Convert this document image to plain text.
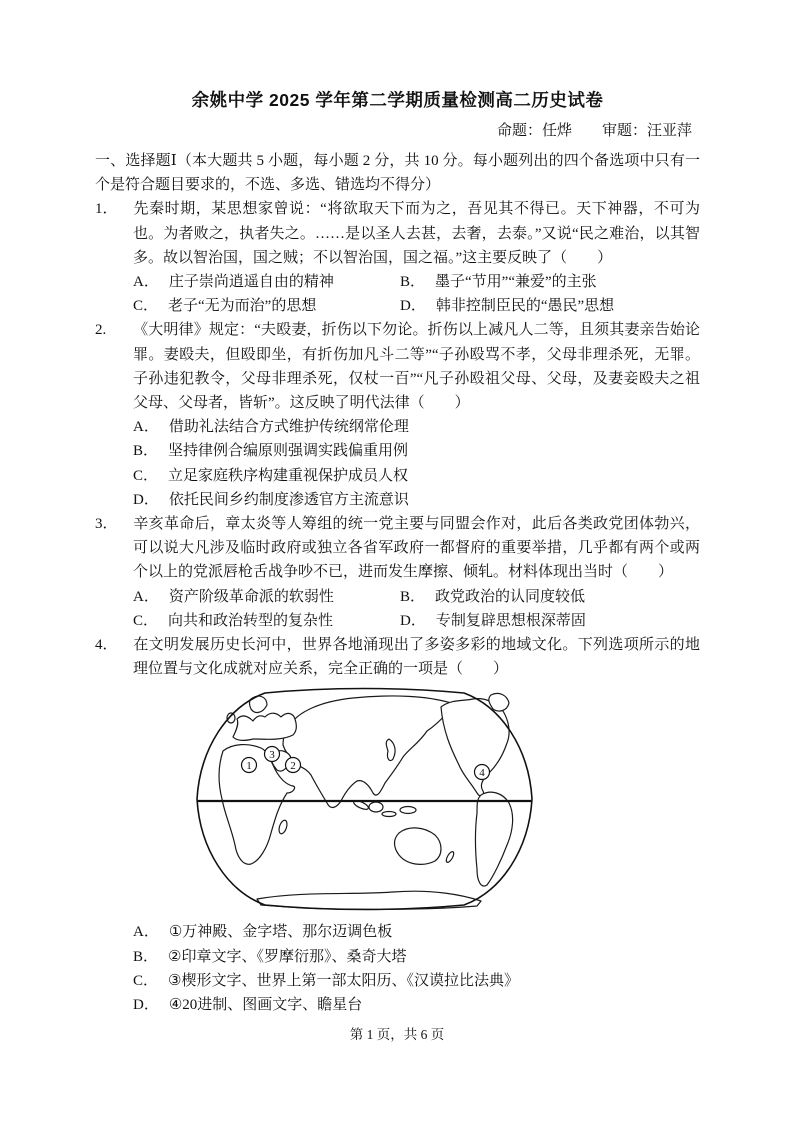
余姚中学 2025 学年第二学期质量检测高二历史试卷
命题：任烨 审题：汪亚萍

一、选择题Ⅰ（本大题共 5 小题，每小题 2 分，共 10 分。每小题列出的四个备选项中只有一个是符合题目要求的，不选、多选、错选均不得分）

1． 先秦时期，某思想家曾说：“将欲取天下而为之，吾见其不得已。天下神器，不可为也。为者败之，执者失之。……是以圣人去甚，去奢，去泰。”又说“民之难治，以其智多。故以智治国，国之贼；不以智治国，国之福。”这主要反映了（　　）

A． 庄子崇尚逍遥自由的精神	B． 墨子“节用”“兼爱”的主张
C． 老子“无为而治”的思想	D． 韩非控制臣民的“愚民”思想

2. 《大明律》规定：“夫殴妻，折伤以下勿论。折伤以上减凡人二等，且须其妻亲告始论罪。妻殴夫，但殴即坐，有折伤加凡斗二等”“子孙殴骂不孝，父母非理杀死，无罪。子孙违犯教令，父母非理杀死，仅杖一百”“凡子孙殴祖父母、父母，及妻妾殴夫之祖父母、父母者，皆斩”。这反映了明代法律（　　）

A． 借助礼法结合方式维护传统纲常伦理
B． 坚持律例合编原则强调实践偏重用例
C． 立足家庭秩序构建重视保护成员人权
D． 依托民间乡约制度渗透官方主流意识

3． 辛亥革命后，章太炎等人筹组的统一党主要与同盟会作对，此后各类政党团体勃兴，可以说大凡涉及临时政府或独立各省军政府一都督府的重要举措，几乎都有两个或两个以上的党派唇枪舌战争吵不已，进而发生摩擦、倾轧。材料体现出当时（　　）

A． 资产阶级革命派的软弱性	B． 政党政治的认同度较低
C． 向共和政治转型的复杂性	D． 专制复辟思想根深蒂固

4． 在文明发展历史长河中，世界各地涌现出了多姿多彩的地域文化。下列选项所示的地理位置与文化成就对应关系，完全正确的一项是（　　）

1
3
2
4
A． ①万神殿、金字塔、那尔迈调色板
B． ②印章文字、《罗摩衍那》、桑奇大塔
C． ③楔形文字、世界上第一部太阳历、《汉谟拉比法典》
D． ④20进制、图画文字、瞻星台
第 1 页，共 6 页
